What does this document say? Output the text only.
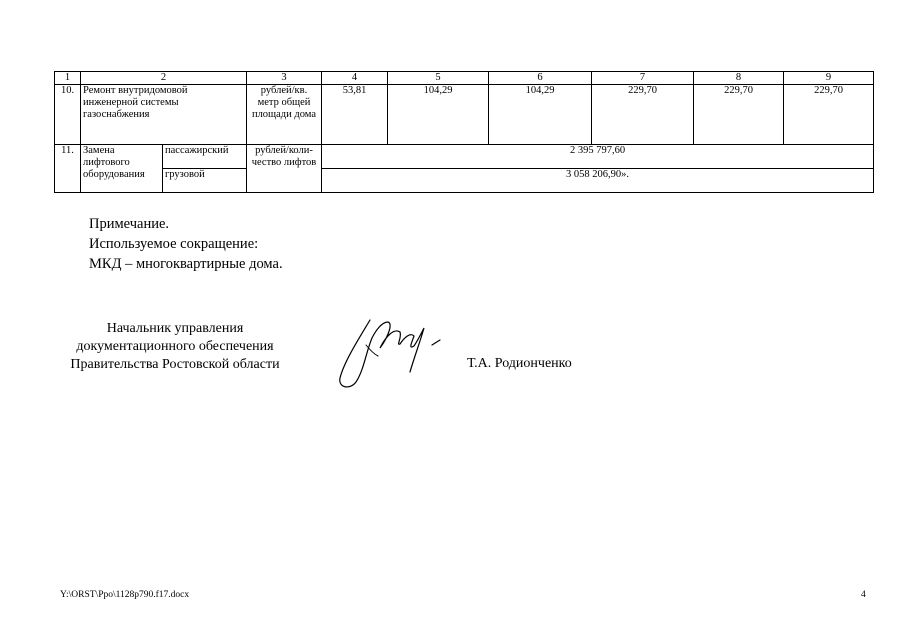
1	2		3	4	5	6	7	8	9
10.	Ремонт внутридомовой инженерной системы газоснабжения		рублей/кв. метр общей площади дома	53,81	104,29	104,29	229,70	229,70	229,70
11.	Замена лифтового оборудования	пассажирский	рублей/коли-чество лифтов	2 395 797,60					
		грузовой		3 058 206,90».					
Примечание.
Используемое сокращение:
МКД – многоквартирные дома.
Начальник управления
документационного обеспечения
Правительства Ростовской области	Т.А. Родионченко
Y:\ORST\Ppo\1128p790.f17.docx	4
